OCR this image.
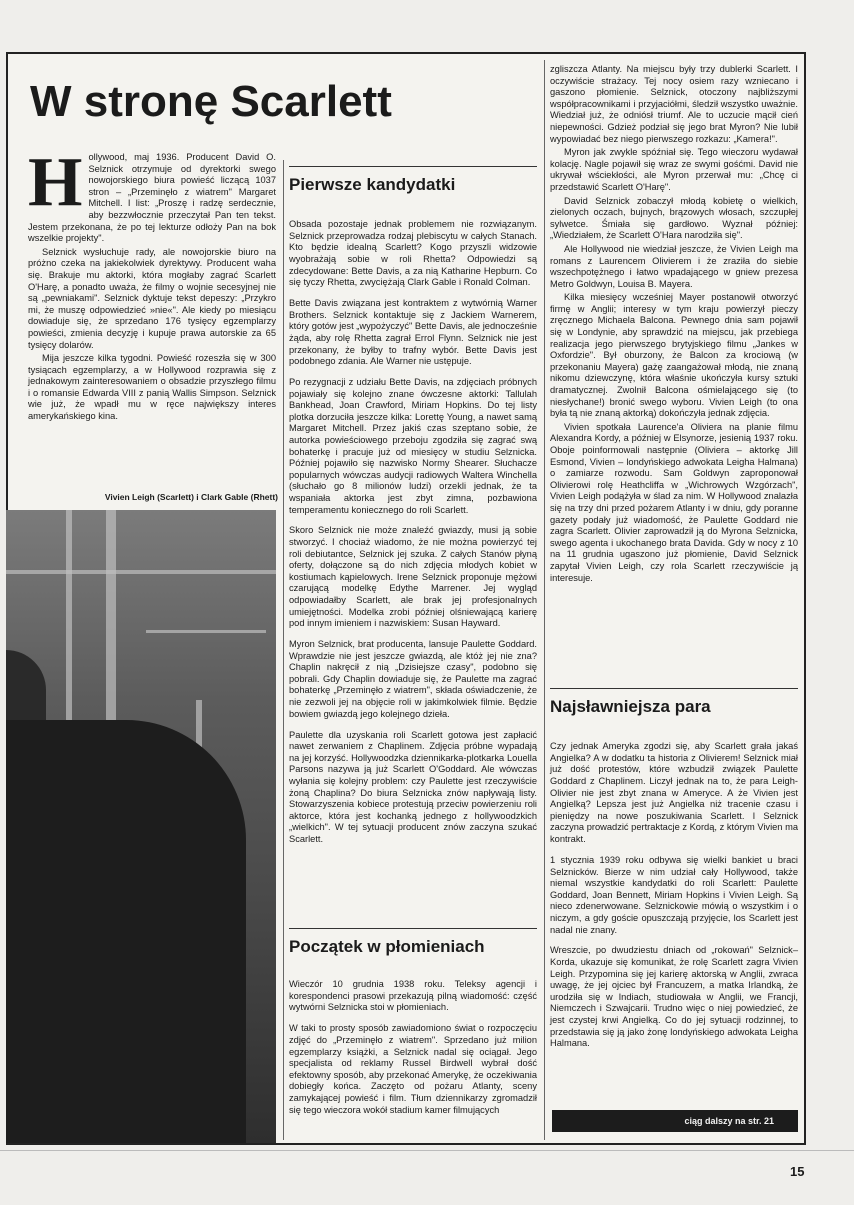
W stronę Scarlett

Hollywood, maj 1936. Producent David O. Selznick otrzymuje od dyrektorki swego nowojorskiego biura powieść liczącą 1037 stron – „Przeminęło z wiatrem" Margaret Mitchell. I list: „Proszę i radzę serdecznie, aby bezzwłocznie przeczytał Pan ten tekst. Jestem przekonana, że po tej lekturze odłoży Pan na bok wszelkie projekty".

Selznick wysłuchuje rady, ale nowojorskie biuro na próżno czeka na jakiekolwiek dyrektywy. Producent waha się. Brakuje mu aktorki, która mogłaby zagrać Scarlett O'Harę, a ponadto uważa, że filmy o wojnie secesyjnej nie są „pewniakami". Selznick dyktuje tekst depeszy: „Przykro mi, że muszę odpowiedzieć »nie«". Ale kiedy po miesiącu dowiaduje się, że sprzedano 176 tysięcy egzemplarzy powieści, zmienia decyzję i kupuje prawa autorskie za 65 tysięcy dolarów.

Mija jeszcze kilka tygodni. Powieść rozeszła się w 300 tysiącach egzemplarzy, a w Hollywood rozprawia się z jednakowym zainteresowaniem o obsadzie przyszłego filmu i o romansie Edwarda VIII z panią Wallis Simpson. Selznick wie już, że wpadł mu w ręce największy interes amerykańskiego kina.

Vivien Leigh (Scarlett) i Clark Gable (Rhett)
Pierwsze kandydatki

Obsada pozostaje jednak problemem nie rozwiązanym. Selznick przeprowadza rodzaj plebiscytu w całych Stanach. Kto będzie idealną Scarlett? Kogo przyszli widzowie wyobrażają sobie w roli Rhetta? Odpowiedzi są zdecydowane: Bette Davis, a za nią Katharine Hepburn. Co się tyczy Rhetta, zwyciężają Clark Gable i Ronald Colman.

Bette Davis związana jest kontraktem z wytwórnią Warner Brothers. Selznick kontaktuje się z Jackiem Warnerem, który gotów jest „wypożyczyć" Bette Davis, ale jednocześnie żąda, aby rolę Rhetta zagrał Errol Flynn. Selznick nie jest przekonany, że byłby to trafny wybór. Bette Davis jest podobnego zdania. Ale Warner nie ustępuje.

Po rezygnacji z udziału Bette Davis, na zdjęciach próbnych pojawiały się kolejno znane ówczesne aktorki: Tallulah Bankhead, Joan Crawford, Miriam Hopkins. Do tej listy plotka dorzuciła jeszcze kilka: Lorettę Young, a nawet samą Margaret Mitchell. Przez jakiś czas szeptano sobie, że autorka powieściowego przeboju zgodziła się zagrać swą bohaterkę i pracuje już od miesięcy w studiu Selznicka. Później pojawiło się nazwisko Normy Shearer. Słuchacze popularnych wówczas audycji radiowych Waltera Winchella (słuchało go 8 milionów ludzi) orzekli jednak, że ta wspaniała aktorka jest zbyt zimna, pozbawiona temperamentu koniecznego do roli Scarlett.

Skoro Selznick nie może znaleźć gwiazdy, musi ją sobie stworzyć. I chociaż wiadomo, że nie można powierzyć tej roli debiutantce, Selznick jej szuka. Z całych Stanów płyną oferty, dołączone są do nich zdjęcia młodych kobiet w kostiumach kąpielowych. Irene Selznick proponuje mężowi czarującą modelkę Edythe Marrener. Jej wygląd odpowiadałby Scarlett, ale brak jej profesjonalnych umiejętności. Modelka zrobi później olśniewającą karierę pod innym imieniem i nazwiskiem: Susan Hayward.

Myron Selznick, brat producenta, lansuje Paulette Goddard. Wprawdzie nie jest jeszcze gwiazdą, ale któż jej nie zna? Chaplin nakręcił z nią „Dzisiejsze czasy", podobno się pobrali. Gdy Chaplin dowiaduje się, że Paulette ma zagrać bohaterkę „Przeminęło z wiatrem", składa oświadczenie, że nie zezwoli jej na objęcie roli w jakimkolwiek filmie. Będzie bowiem gwiazdą jego kolejnego dzieła.

Paulette dla uzyskania roli Scarlett gotowa jest zapłacić nawet zerwaniem z Chaplinem. Zdjęcia próbne wypadają na jej korzyść. Hollywoodzka dziennikarka-plotkarka Louella Parsons nazywa ją już Scarlett O'Goddard. Ale wówczas wyłania się kolejny problem: czy Paulette jest rzeczywiście żoną Chaplina? Do biura Selznicka znów napływają listy. Stowarzyszenia kobiece protestują przeciw powierzeniu roli aktorce, która jest kochanką jednego z hollywoodzkich „wielkich". W tej sytuacji producent znów zaczyna szukać Scarlett.

Początek w płomieniach

Wieczór 10 grudnia 1938 roku. Teleksy agencji i korespondenci prasowi przekazują pilną wiadomość: część wytwórni Selznicka stoi w płomieniach.

W taki to prosty sposób zawiadomiono świat o rozpoczęciu zdjęć do „Przeminęło z wiatrem". Sprzedano już milion egzemplarzy książki, a Selznick nadal się ociągał. Jego specjalista od reklamy Russel Birdwell wybrał dość efektowny sposób, aby przekonać Amerykę, że oczekiwania dobiegły końca. Zaczęto od pożaru Atlanty, sceny zamykającej powieść i film. Tłum dziennikarzy zgromadził się tego wieczora wokół stadium kamer filmujących

zgliszcza Atlanty. Na miejscu były trzy dublerki Scarlett. I oczywiście strażacy. Tej nocy osiem razy wzniecano i gaszono płomienie. Selznick, otoczony najbliższymi współpracownikami i przyjaciółmi, śledził wszystko uważnie. Wiedział już, że odniósł triumf. Ale to uczucie mącił cień niepewności. Gdzież podział się jego brat Myron? Nie lubił wypowiadać bez niego pierwszego rozkazu: „Kamera!".

Myron jak zwykle spóźniał się. Tego wieczoru wydawał kolację. Nagle pojawił się wraz ze swymi gośćmi. David nie ukrywał wściekłości, ale Myron przerwał mu: „Chcę ci przedstawić Scarlett O'Harę".

David Selznick zobaczył młodą kobietę o wielkich, zielonych oczach, bujnych, brązowych włosach, szczupłej sylwetce. Śmiała się gardłowo. Wyznał później: „Wiedziałem, że Scarlett O'Hara narodziła się".

Ale Hollywood nie wiedział jeszcze, że Vivien Leigh ma romans z Laurencem Olivierem i że zraziła do siebie wszechpotężnego i łatwo wpadającego w gniew prezesa Metro Goldwyn, Louisa B. Mayera.

Kilka miesięcy wcześniej Mayer postanowił otworzyć firmę w Anglii; interesy w tym kraju powierzył pieczy zręcznego Michaela Balcona. Pewnego dnia sam pojawił się w Londynie, aby sprawdzić na miejscu, jak przebiega realizacja jego pierwszego brytyjskiego filmu „Jankes w Oxfordzie". Był oburzony, że Balcon za krociową (w przekonaniu Mayera) gażę zaangażował młodą, nie znaną nikomu dziewczynę, która właśnie ukończyła kursy sztuki dramatycznej. Zwolnił Balcona ośmielającego się (to niesłychane!) bronić swego wyboru. Vivien Leigh (to ona była tą nie znaną aktorką) dokończyła jednak zdjęcia.

Vivien spotkała Laurence'a Oliviera na planie filmu Alexandra Kordy, a później w Elsynorze, jesienią 1937 roku. Oboje poinformowali następnie (Oliviera – aktorkę Jill Esmond, Vivien – londyńskiego adwokata Leigha Halmana) o zamiarze rozwodu. Sam Goldwyn zaproponował Olivierowi rolę Heathcliffa w „Wichrowych Wzgórzach", Vivien Leigh podążyła w ślad za nim. W Hollywood znalazła się na trzy dni przed pożarem Atlanty i w dniu, gdy poranne gazety podały już wiadomość, że Paulette Goddard nie zagra Scarlett. Olivier zaprowadził ją do Myrona Selznicka, swego agenta i ukochanego brata Davida. Gdy w nocy z 10 na 11 grudnia ugaszono już płomienie, David Selznick zapytał Vivien Leigh, czy rola Scarlett rzeczywiście ją interesuje.

Najsławniejsza para

Czy jednak Ameryka zgodzi się, aby Scarlett grała jakaś Angielka? A w dodatku ta historia z Olivierem! Selznick miał już dość protestów, które wzbudził związek Paulette Goddard z Chaplinem. Liczył jednak na to, że para Leigh-Olivier nie jest zbyt znana w Ameryce. A że Vivien jest Angielką? Lepsza jest już Angielka niż tracenie czasu i pieniędzy na nowe poszukiwania Scarlett. I Selznick zaczyna prowadzić pertraktacje z Kordą, z którym Vivien ma kontrakt.

1 stycznia 1939 roku odbywa się wielki bankiet u braci Selznicków. Bierze w nim udział cały Hollywood, także niemal wszystkie kandydatki do roli Scarlett: Paulette Goddard, Joan Bennett, Miriam Hopkins i Vivien Leigh. Są nieco zdenerwowane. Selznickowie mówią o wszystkim i o niczym, a gdy goście opuszczają przyjęcie, los Scarlett jest nadal nie znany.

Wreszcie, po dwudziestu dniach od „rokowań" Selznick–Korda, ukazuje się komunikat, że rolę Scarlett zagra Vivien Leigh. Przypomina się jej karierę aktorską w Anglii, zwraca uwagę, że jej ojciec był Francuzem, a matka Irlandką, że urodziła się w Indiach, studiowała w Anglii, we Francji, Niemczech i Szwajcarii. Trudno więc o niej powiedzieć, że jest czystej krwi Angielką. Co do jej sytuacji rodzinnej, to przedstawia się ją jako żonę londyńskiego adwokata Leigha Halmana.

ciąg dalszy na str. 21
15
